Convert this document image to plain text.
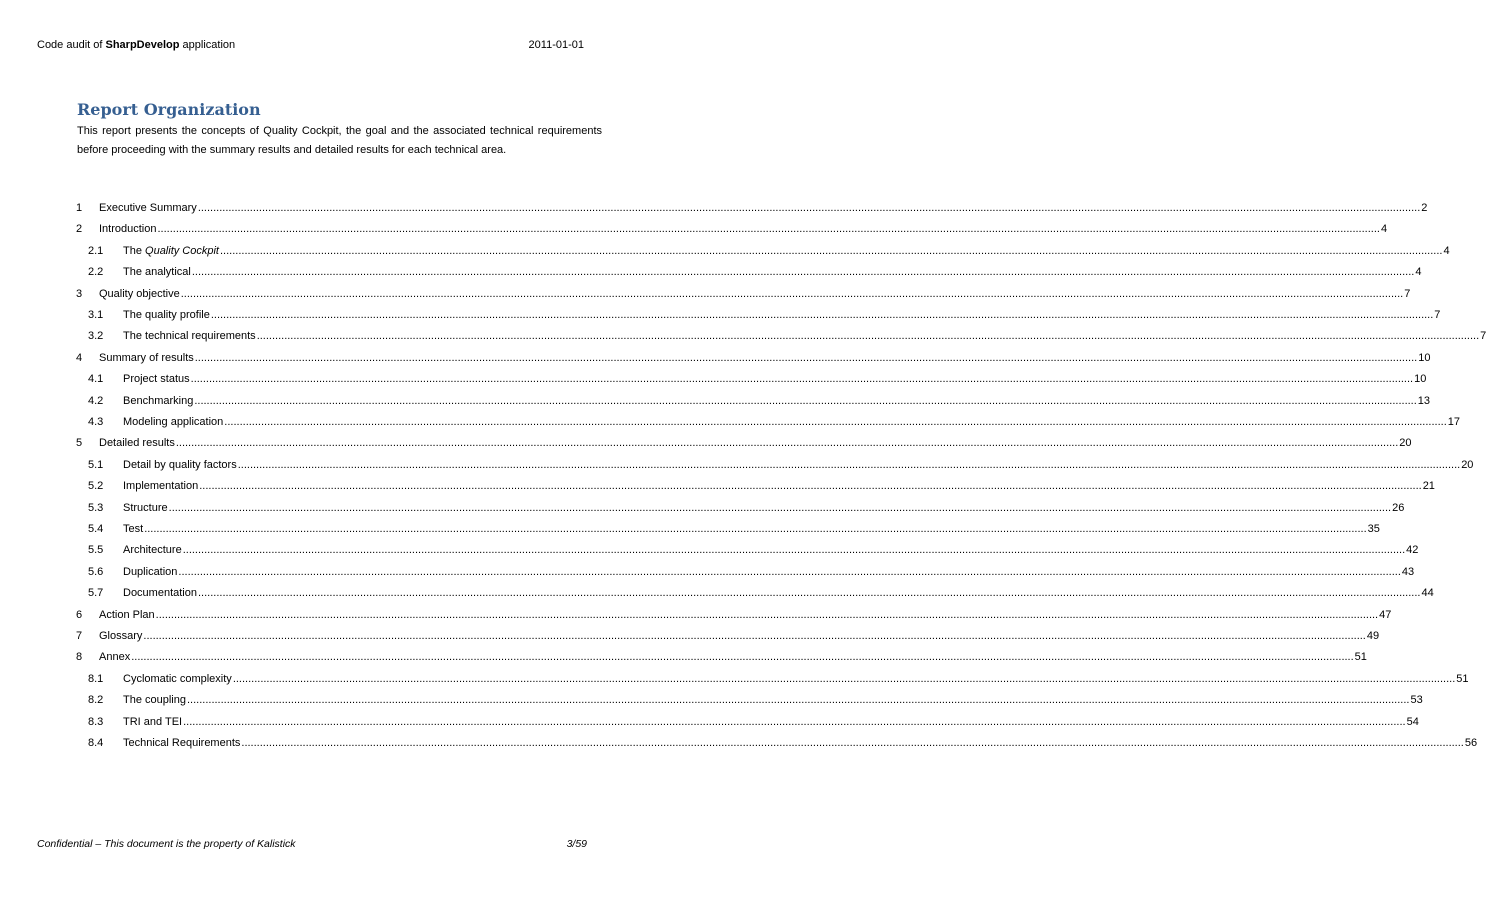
Code audit of SharpDevelop application	2011-01-01
Report Organization
This report presents the concepts of Quality Cockpit, the goal and the associated technical requirements before proceeding with the summary results and detailed results for each technical area.
1	Executive Summary ................................................................................................................................................................................................................................................................................................................................................................................................................ 2
2	Introduction ................................................................................................................................................................................................................................................................................................................................................................................................................ 4
2.1	The Quality Cockpit ................................................................................................................................................................................................................................................................................................................................................................................................................ 4
2.2	The analytical ................................................................................................................................................................................................................................................................................................................................................................................................................ 4
3	Quality objective ................................................................................................................................................................................................................................................................................................................................................................................................................ 7
3.1	The quality profile ................................................................................................................................................................................................................................................................................................................................................................................................................ 7
3.2	The technical requirements ................................................................................................................................................................................................................................................................................................................................................................................................................ 7
4	Summary of results ................................................................................................................................................................................................................................................................................................................................................................................................................ 10
4.1	Project status ................................................................................................................................................................................................................................................................................................................................................................................................................ 10
4.2	Benchmarking ................................................................................................................................................................................................................................................................................................................................................................................................................ 13
4.3	Modeling application ................................................................................................................................................................................................................................................................................................................................................................................................................ 17
5	Detailed results ................................................................................................................................................................................................................................................................................................................................................................................................................ 20
5.1	Detail by quality factors ................................................................................................................................................................................................................................................................................................................................................................................................................ 20
5.2	Implementation ................................................................................................................................................................................................................................................................................................................................................................................................................ 21
5.3	Structure ................................................................................................................................................................................................................................................................................................................................................................................................................ 26
5.4	Test ................................................................................................................................................................................................................................................................................................................................................................................................................ 35
5.5	Architecture ................................................................................................................................................................................................................................................................................................................................................................................................................ 42
5.6	Duplication ................................................................................................................................................................................................................................................................................................................................................................................................................ 43
5.7	Documentation ................................................................................................................................................................................................................................................................................................................................................................................................................ 44
6	Action Plan ................................................................................................................................................................................................................................................................................................................................................................................................................ 47
7	Glossary ................................................................................................................................................................................................................................................................................................................................................................................................................ 49
8	Annex ................................................................................................................................................................................................................................................................................................................................................................................................................ 51
8.1	Cyclomatic complexity ................................................................................................................................................................................................................................................................................................................................................................................................................ 51
8.2	The coupling ................................................................................................................................................................................................................................................................................................................................................................................................................ 53
8.3	TRI and TEI ................................................................................................................................................................................................................................................................................................................................................................................................................ 54
8.4	Technical Requirements ................................................................................................................................................................................................................................................................................................................................................................................................................ 56
Confidential – This document is the property of Kalistick	3/59
